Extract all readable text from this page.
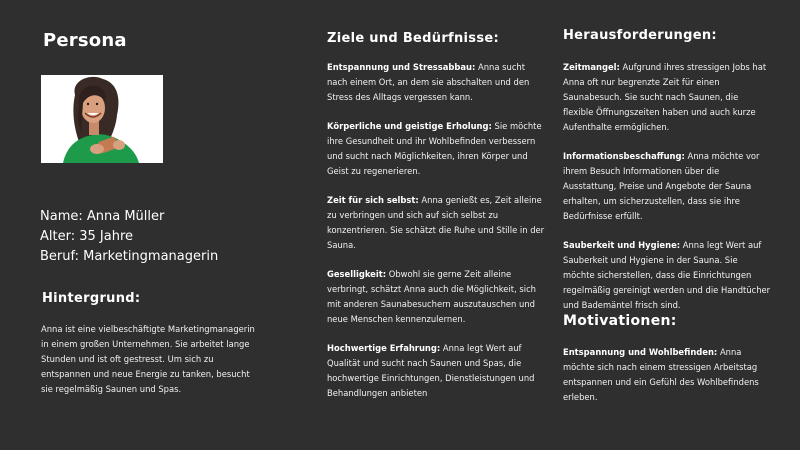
Persona
Name: Anna Müller
Alter: 35 Jahre
Beruf: Marketingmanagerin
Hintergrund:
Anna ist eine vielbeschäftigte Marketingmanagerin in einem großen Unternehmen. Sie arbeitet lange Stunden und ist oft gestresst. Um sich zu entspannen und neue Energie zu tanken, besucht sie regelmäßig Saunen und Spas.
Ziele und Bedürfnisse:

Entspannung und Stressabbau: Anna sucht nach einem Ort, an dem sie abschalten und den Stress des Alltags vergessen kann.

Körperliche und geistige Erholung: Sie möchte ihre Gesundheit und ihr Wohlbefinden verbessern und sucht nach Möglichkeiten, ihren Körper und Geist zu regenerieren.

Zeit für sich selbst: Anna genießt es, Zeit alleine zu verbringen und sich auf sich selbst zu konzentrieren. Sie schätzt die Ruhe und Stille in der Sauna.

Geselligkeit: Obwohl sie gerne Zeit alleine verbringt, schätzt Anna auch die Möglichkeit, sich mit anderen Saunabesuchern auszutauschen und neue Menschen kennenzulernen.

Hochwertige Erfahrung: Anna legt Wert auf Qualität und sucht nach Saunen und Spas, die hochwertige Einrichtungen, Dienstleistungen und Behandlungen anbieten

Herausforderungen:

Zeitmangel: Aufgrund ihres stressigen Jobs hat Anna oft nur begrenzte Zeit für einen Saunabesuch. Sie sucht nach Saunen, die flexible Öffnungszeiten haben und auch kurze Aufenthalte ermöglichen.

Informationsbeschaffung: Anna möchte vor ihrem Besuch Informationen über die Ausstattung, Preise und Angebote der Sauna erhalten, um sicherzustellen, dass sie ihre Bedürfnisse erfüllt.

Sauberkeit und Hygiene: Anna legt Wert auf Sauberkeit und Hygiene in der Sauna. Sie möchte sicherstellen, dass die Einrichtungen regelmäßig gereinigt werden und die Handtücher und Bademäntel frisch sind.

Motivationen:

Entspannung und Wohlbefinden: Anna möchte sich nach einem stressigen Arbeitstag entspannen und ein Gefühl des Wohlbefindens erleben.
